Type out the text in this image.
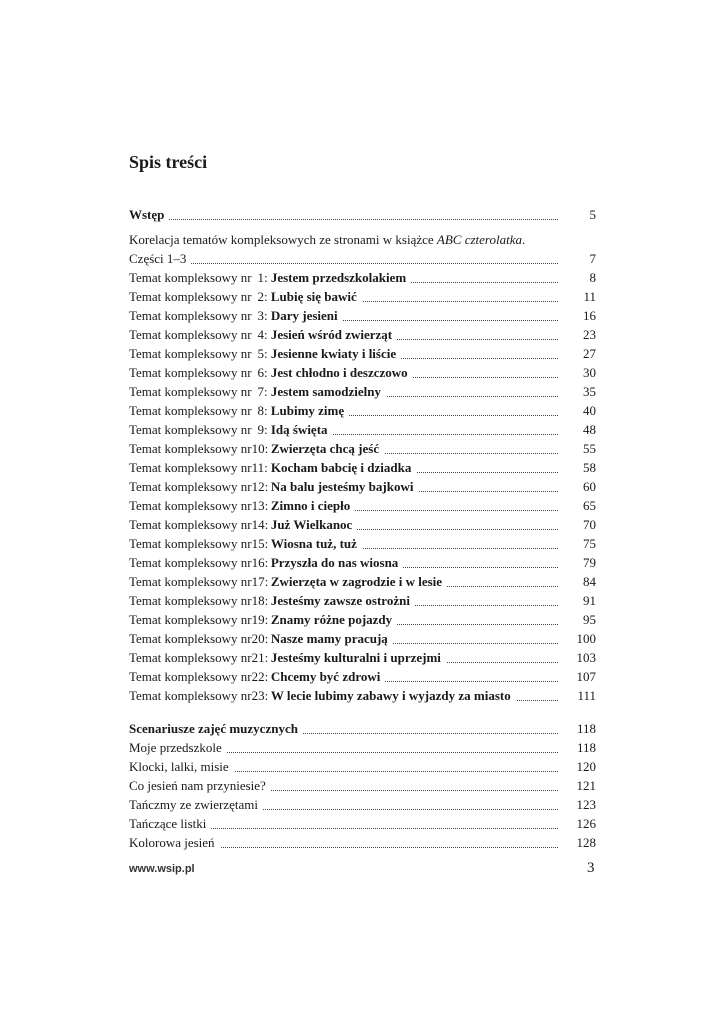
Spis treści
Wstęp	5
Korelacja tematów kompleksowych ze stronami w książce ABC czterolatka.
Części 1–3	7
Temat kompleksowy nr 1: Jestem przedszkolakiem	8
Temat kompleksowy nr 2: Lubię się bawić	11
Temat kompleksowy nr 3: Dary jesieni	16
Temat kompleksowy nr 4: Jesień wśród zwierząt	23
Temat kompleksowy nr 5: Jesienne kwiaty i liście	27
Temat kompleksowy nr 6: Jest chłodno i deszczowo	30
Temat kompleksowy nr 7: Jestem samodzielny	35
Temat kompleksowy nr 8: Lubimy zimę	40
Temat kompleksowy nr 9: Idą święta	48
Temat kompleksowy nr10: Zwierzęta chcą jeść	55
Temat kompleksowy nr11: Kocham babcię i dziadka	58
Temat kompleksowy nr12: Na balu jesteśmy bajkowi	60
Temat kompleksowy nr13: Zimno i ciepło	65
Temat kompleksowy nr14: Już Wielkanoc	70
Temat kompleksowy nr15: Wiosna tuż, tuż	75
Temat kompleksowy nr16: Przyszła do nas wiosna	79
Temat kompleksowy nr17: Zwierzęta w zagrodzie i w lesie	84
Temat kompleksowy nr18: Jesteśmy zawsze ostrożni	91
Temat kompleksowy nr19: Znamy różne pojazdy	95
Temat kompleksowy nr20: Nasze mamy pracują	100
Temat kompleksowy nr21: Jesteśmy kulturalni i uprzejmi	103
Temat kompleksowy nr22: Chcemy być zdrowi	107
Temat kompleksowy nr23: W lecie lubimy zabawy i wyjazdy za miasto	111
Scenariusze zajęć muzycznych	118
Moje przedszkole	118
Klocki, lalki, misie	120
Co jesień nam przyniesie?	121
Tańczmy ze zwierzętami	123
Tańczące listki	126
Kolorowa jesień	128
www.wsip.pl	3
